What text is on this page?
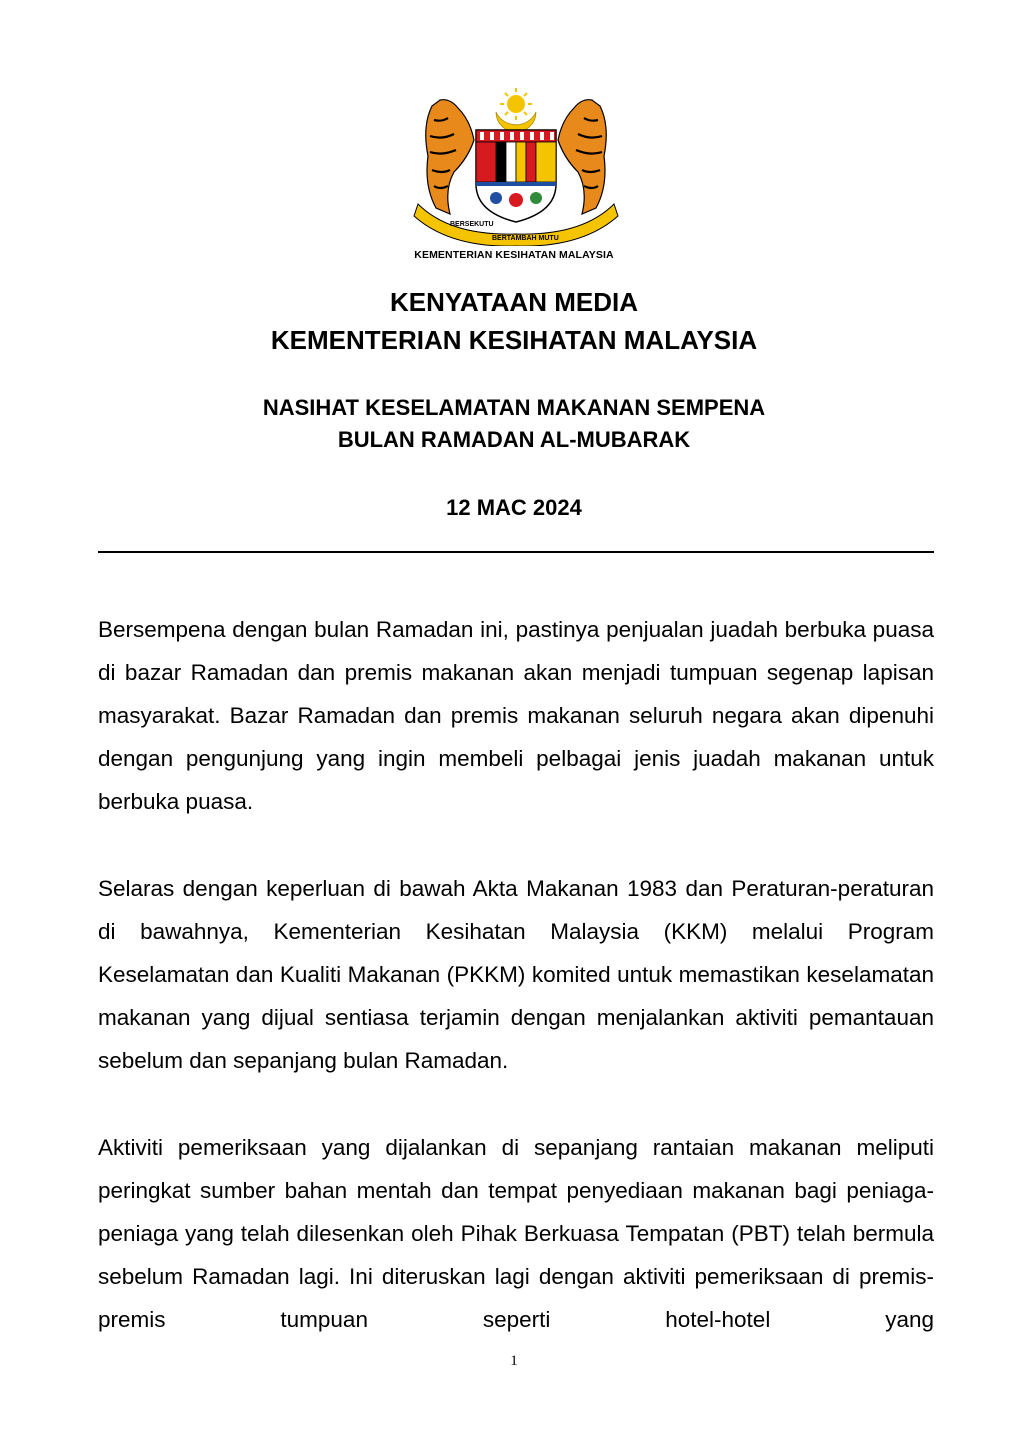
BERSEKUTU
BERTAMBAH MUTU
KEMENTERIAN KESIHATAN MALAYSIA
KENYATAAN MEDIA
KEMENTERIAN KESIHATAN MALAYSIA
NASIHAT KESELAMATAN MAKANAN SEMPENA
BULAN RAMADAN AL-MUBARAK
12 MAC 2024

Bersempena dengan bulan Ramadan ini, pastinya penjualan juadah berbuka puasa di bazar Ramadan dan premis makanan akan menjadi tumpuan segenap lapisan masyarakat. Bazar Ramadan dan premis makanan seluruh negara akan dipenuhi dengan pengunjung yang ingin membeli pelbagai jenis juadah makanan untuk berbuka puasa.

Selaras dengan keperluan di bawah Akta Makanan 1983 dan Peraturan-peraturan di bawahnya, Kementerian Kesihatan Malaysia (KKM) melalui Program Keselamatan dan Kualiti Makanan (PKKM) komited untuk memastikan keselamatan makanan yang dijual sentiasa terjamin dengan menjalankan aktiviti pemantauan sebelum dan sepanjang bulan Ramadan.

Aktiviti pemeriksaan yang dijalankan di sepanjang rantaian makanan meliputi peringkat sumber bahan mentah dan tempat penyediaan makanan bagi peniaga-peniaga yang telah dilesenkan oleh Pihak Berkuasa Tempatan (PBT) telah bermula sebelum Ramadan lagi. Ini diteruskan lagi dengan aktiviti pemeriksaan di premis-premis tumpuan seperti hotel-hotel yang

1
